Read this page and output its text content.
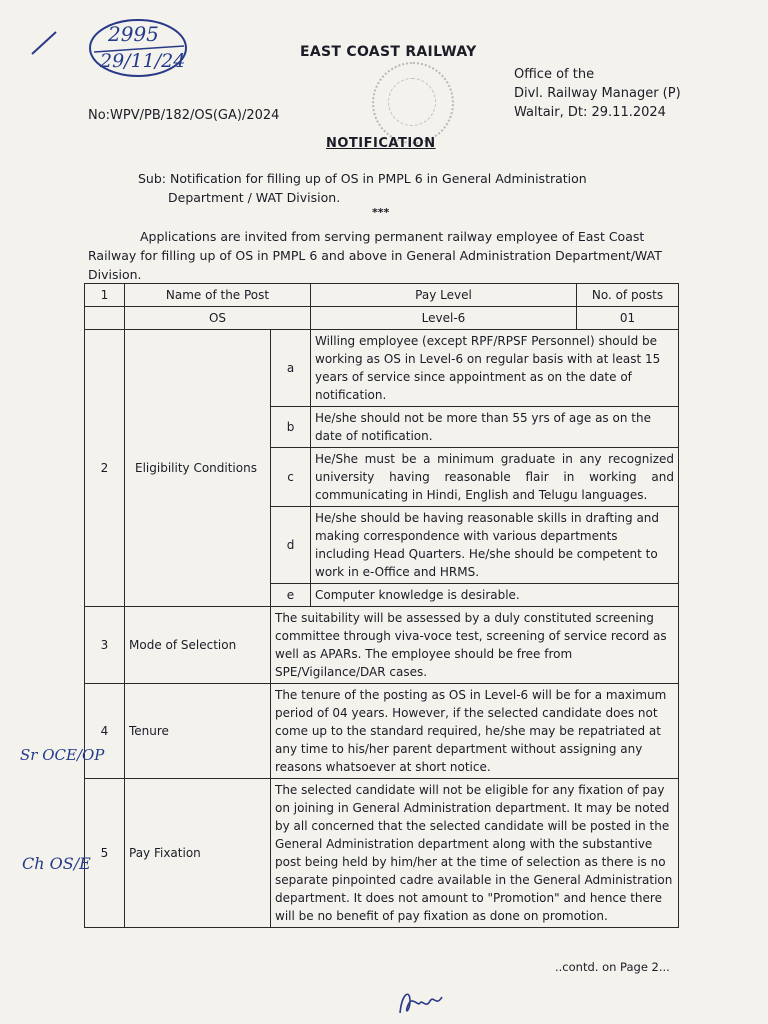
2995
29/11/24	EAST COAST RAILWAY
Office of the
Divl. Railway Manager (P)
Waltair, Dt: 29.11.2024
No:WPV/PB/182/OS(GA)/2024
NOTIFICATION
Sub: Notification for filling up of OS in PMPL 6 in General Administration
Department / WAT Division.
***
Applications are invited from serving permanent railway employee of East Coast Railway for filling up of OS in PMPL 6 and above in General Administration Department/WAT Division.
1	Name of the Post		Pay Level	No. of posts
	OS		Level-6	01
2	Eligibility Conditions	a	Willing employee (except RPF/RPSF Personnel) should be working as OS in Level-6 on regular basis with at least 15 years of service since appointment as on the date of notification.	
		b	He/she should not be more than 55 yrs of age as on the date of notification.	
		c	He/She must be a minimum graduate in any recognized university having reasonable flair in working and communicating in Hindi, English and Telugu languages.	
		d	He/she should be having reasonable skills in drafting and making correspondence with various departments including Head Quarters. He/she should be competent to work in e-Office and HRMS.	
		e	Computer knowledge is desirable.	
3	Mode of Selection	The suitability will be assessed by a duly constituted screening committee through viva-voce test, screening of service record as well as APARs. The employee should be free from SPE/Vigilance/DAR cases.		
4	Tenure	The tenure of the posting as OS in Level-6 will be for a maximum period of 04 years. However, if the selected candidate does not come up to the standard required, he/she may be repatriated at any time to his/her parent department without assigning any reasons whatsoever at short notice.		
5	Pay Fixation	The selected candidate will not be eligible for any fixation of pay on joining in General Administration department. It may be noted by all concerned that the selected candidate will be posted in the General Administration department along with the substantive post being held by him/her at the time of selection as there is no separate pinpointed cadre available in the General Administration department. It does not amount to "Promotion" and hence there will be no benefit of pay fixation as done on promotion.		
Sr OCE/OP
Ch OS/E
..contd. on Page 2...
